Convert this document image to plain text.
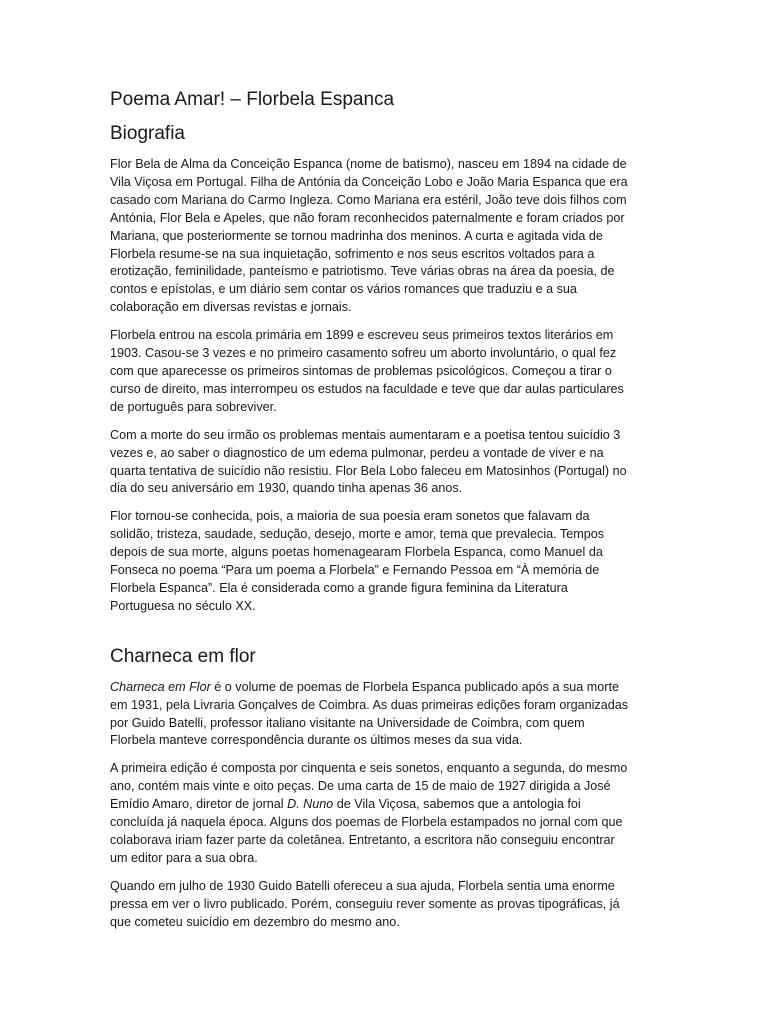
Poema Amar! – Florbela Espanca
Biografia

Flor Bela de Alma da Conceição Espanca (nome de batismo), nasceu em 1894 na cidade de Vila Viçosa em Portugal. Filha de Antónia da Conceição Lobo e João Maria Espanca que era casado com Mariana do Carmo Ingleza. Como Mariana era estéril, João teve dois filhos com Antónia, Flor Bela e Apeles, que não foram reconhecidos paternalmente e foram criados por Mariana, que posteriormente se tornou madrinha dos meninos. A curta e agitada vida de Florbela resume-se na sua inquietação, sofrimento e nos seus escritos voltados para a erotização, feminilidade, panteísmo e patriotismo. Teve várias obras na área da poesia, de contos e epístolas, e um diário sem contar os vários romances que traduziu e a sua colaboração em diversas revistas e jornais.

Florbela entrou na escola primária em 1899 e escreveu seus primeiros textos literários em 1903. Casou-se 3 vezes e no primeiro casamento sofreu um aborto involuntário, o qual fez com que aparecesse os primeiros sintomas de problemas psicológicos. Começou a tirar o curso de direito, mas interrompeu os estudos na faculdade e teve que dar aulas particulares de português para sobreviver.

Com a morte do seu irmão os problemas mentais aumentaram e a poetisa tentou suicídio 3 vezes e, ao saber o diagnostico de um edema pulmonar, perdeu a vontade de viver e na quarta tentativa de suicídio não resistiu. Flor Bela Lobo faleceu em Matosinhos (Portugal) no dia do seu aniversário em 1930, quando tinha apenas 36 anos.

Flor tornou-se conhecida, pois, a maioria de sua poesia eram sonetos que falavam da solidão, tristeza, saudade, sedução, desejo, morte e amor, tema que prevalecia. Tempos depois de sua morte, alguns poetas homenagearam Florbela Espanca, como Manuel da Fonseca no poema “Para um poema a Florbela” e Fernando Pessoa em “À memória de Florbela Espanca”. Ela é considerada como a grande figura feminina da Literatura Portuguesa no século XX.

Charneca em flor

Charneca em Flor é o volume de poemas de Florbela Espanca publicado após a sua morte em 1931, pela Livraria Gonçalves de Coimbra. As duas primeiras edições foram organizadas por Guido Batelli, professor italiano visitante na Universidade de Coimbra, com quem Florbela manteve correspondência durante os últimos meses da sua vida.

A primeira edição é composta por cinquenta e seis sonetos, enquanto a segunda, do mesmo ano, contém mais vinte e oito peças. De uma carta de 15 de maio de 1927 dirigida a José Emídio Amaro, diretor de jornal D. Nuno de Vila Viçosa, sabemos que a antologia foi concluída já naquela época. Alguns dos poemas de Florbela estampados no jornal com que colaborava iriam fazer parte da coletânea. Entretanto, a escritora não conseguiu encontrar um editor para a sua obra.

Quando em julho de 1930 Guido Batelli ofereceu a sua ajuda, Florbela sentia uma enorme pressa em ver o livro publicado. Porém, conseguiu rever somente as provas tipográficas, já que cometeu suicídio em dezembro do mesmo ano.
